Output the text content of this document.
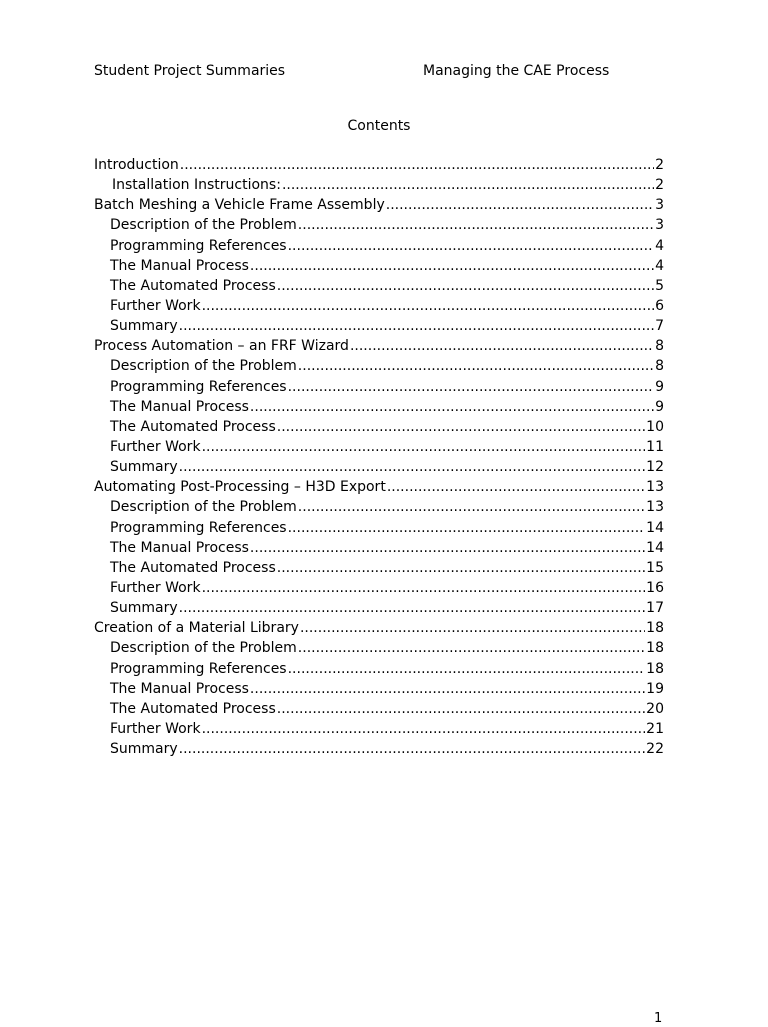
Student Project Summaries	Managing the CAE Process
Contents
Introduction .....	2
Installation Instructions: .....	2
Batch Meshing a Vehicle Frame Assembly .....	3
Description of the Problem .....	3
Programming References .....	4
The Manual Process .....	4
The Automated Process .....	5
Further Work .....	6
Summary .....	7
Process Automation – an FRF Wizard .....	8
Description of the Problem .....	8
Programming References .....	9
The Manual Process .....	9
The Automated Process .....	10
Further Work .....	11
Summary .....	12
Automating Post-Processing – H3D Export .....	13
Description of the Problem .....	13
Programming References .....	14
The Manual Process .....	14
The Automated Process .....	15
Further Work .....	16
Summary .....	17
Creation of a Material Library .....	18
Description of the Problem .....	18
Programming References .....	18
The Manual Process .....	19
The Automated Process .....	20
Further Work .....	21
Summary .....	22
1
